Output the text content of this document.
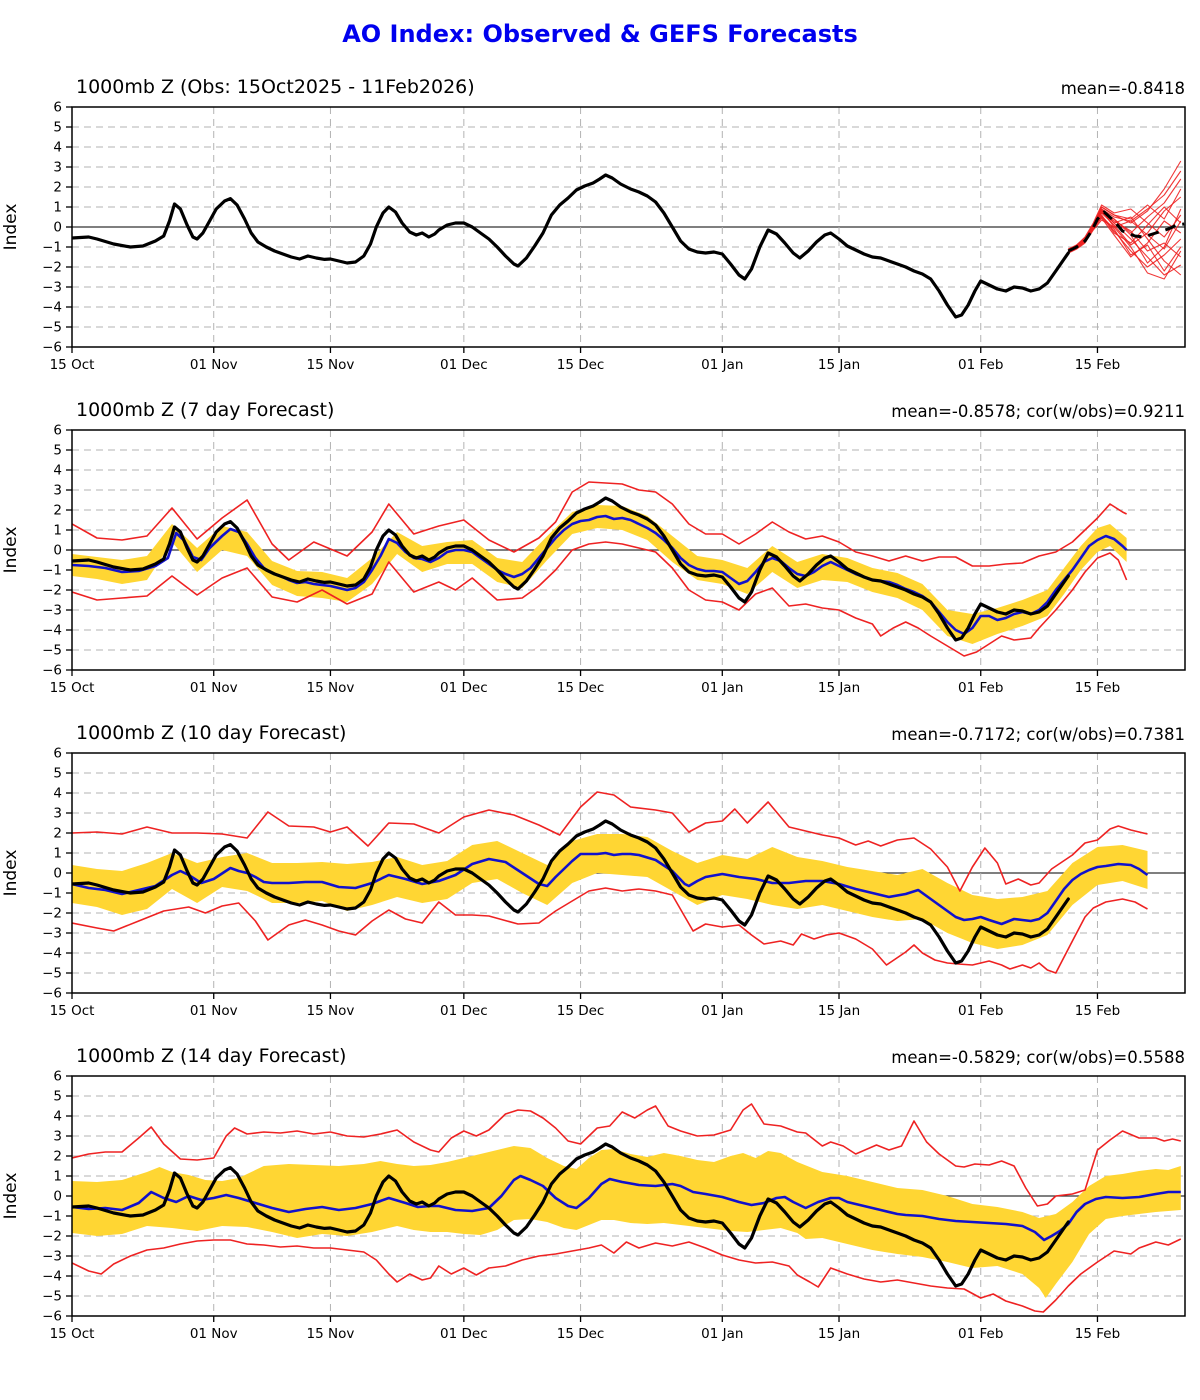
AO Index: Observed & GEFS Forecasts
1000mb Z (Obs: 15Oct2025 - 11Feb2026)	mean=-0.8418
6
5
4
3
2
1
0
−1
−2
−3
−4
−5
−6
15 Oct	01 Nov	15 Nov	01 Dec	15 Dec	01 Jan	15 Jan	01 Feb	15 Feb
Index
1000mb Z (7 day Forecast)	mean=-0.8578; cor(w/obs)=0.9211
6
5
4
3
2
1
0
−1
−2
−3
−4
−5
−6
15 Oct	01 Nov	15 Nov	01 Dec	15 Dec	01 Jan	15 Jan	01 Feb	15 Feb
Index
1000mb Z (10 day Forecast)	mean=-0.7172; cor(w/obs)=0.7381
6
5
4
3
2
1
0
−1
−2
−3
−4
−5
−6
15 Oct	01 Nov	15 Nov	01 Dec	15 Dec	01 Jan	15 Jan	01 Feb	15 Feb
Index
1000mb Z (14 day Forecast)	mean=-0.5829; cor(w/obs)=0.5588
6
5
4
3
2
1
0
−1
−2
−3
−4
−5
−6
15 Oct	01 Nov	15 Nov	01 Dec	15 Dec	01 Jan	15 Jan	01 Feb	15 Feb
Index
